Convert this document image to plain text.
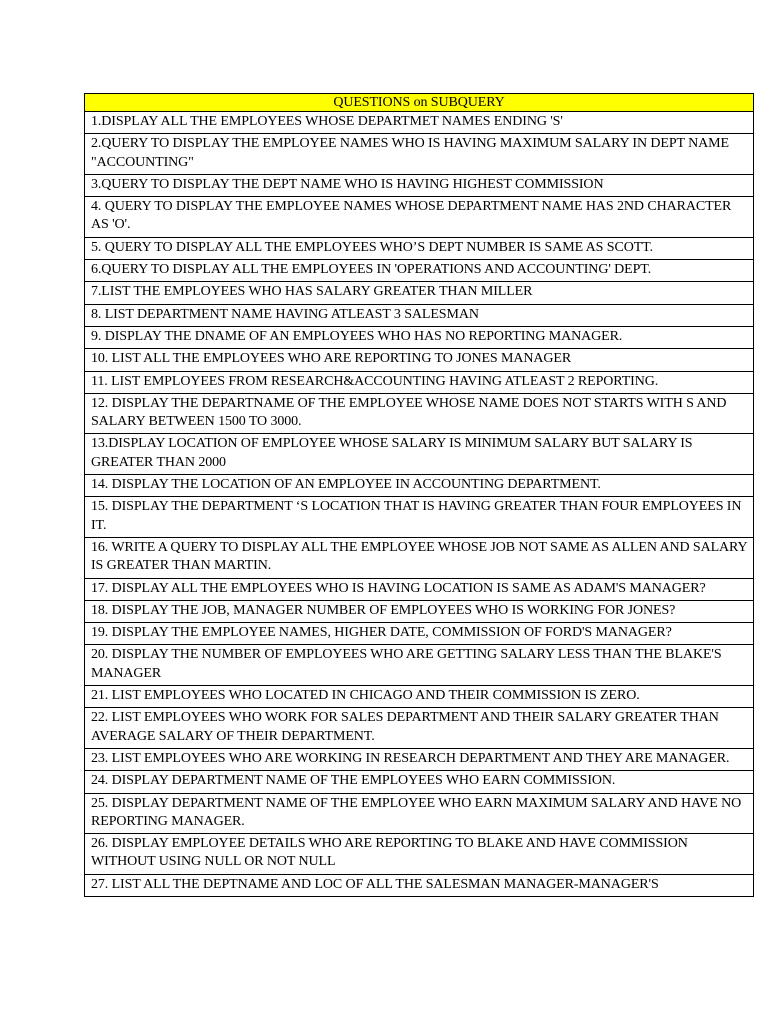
QUESTIONS on SUBQUERY
1.DISPLAY ALL THE EMPLOYEES WHOSE DEPARTMET NAMES ENDING 'S'
2.QUERY TO DISPLAY THE EMPLOYEE NAMES WHO IS HAVING MAXIMUM SALARY IN DEPT NAME "ACCOUNTING"
3.QUERY TO DISPLAY THE DEPT NAME WHO IS HAVING HIGHEST COMMISSION
4. QUERY TO DISPLAY THE EMPLOYEE NAMES WHOSE DEPARTMENT NAME HAS 2ND CHARACTER AS 'O'.
5. QUERY TO DISPLAY ALL THE EMPLOYEES WHO’S DEPT NUMBER IS SAME AS SCOTT.
6.QUERY TO DISPLAY ALL THE EMPLOYEES IN 'OPERATIONS AND ACCOUNTING' DEPT.
7.LIST THE EMPLOYEES WHO HAS SALARY GREATER THAN MILLER
8. LIST DEPARTMENT NAME HAVING ATLEAST 3 SALESMAN
9. DISPLAY THE DNAME OF AN EMPLOYEES WHO HAS NO REPORTING MANAGER.
10. LIST ALL THE EMPLOYEES WHO ARE REPORTING TO JONES MANAGER
11. LIST EMPLOYEES FROM RESEARCH&ACCOUNTING HAVING ATLEAST 2 REPORTING.
12. DISPLAY THE DEPARTNAME OF THE EMPLOYEE WHOSE NAME DOES NOT STARTS WITH S AND SALARY BETWEEN 1500 TO 3000.
13.DISPLAY LOCATION OF EMPLOYEE WHOSE SALARY IS MINIMUM SALARY BUT SALARY IS GREATER THAN 2000
14. DISPLAY THE LOCATION OF AN EMPLOYEE IN ACCOUNTING DEPARTMENT.
15. DISPLAY THE DEPARTMENT ‘S LOCATION THAT IS HAVING GREATER THAN FOUR EMPLOYEES IN IT.
16. WRITE A QUERY TO DISPLAY ALL THE EMPLOYEE WHOSE JOB NOT SAME AS ALLEN AND SALARY IS GREATER THAN MARTIN.
17. DISPLAY ALL THE EMPLOYEES WHO IS HAVING LOCATION IS SAME AS ADAM'S MANAGER?
18. DISPLAY THE JOB, MANAGER NUMBER OF EMPLOYEES WHO IS WORKING FOR JONES?
19. DISPLAY THE EMPLOYEE NAMES, HIGHER DATE, COMMISSION OF FORD'S MANAGER?
20. DISPLAY THE NUMBER OF EMPLOYEES WHO ARE GETTING SALARY LESS THAN THE BLAKE'S MANAGER
21. LIST EMPLOYEES WHO LOCATED IN CHICAGO AND THEIR COMMISSION IS ZERO.
22. LIST EMPLOYEES WHO WORK FOR SALES DEPARTMENT AND THEIR SALARY GREATER THAN AVERAGE SALARY OF THEIR DEPARTMENT.
23. LIST EMPLOYEES WHO ARE WORKING IN RESEARCH DEPARTMENT AND THEY ARE MANAGER.
24. DISPLAY DEPARTMENT NAME OF THE EMPLOYEES WHO EARN COMMISSION.
25. DISPLAY DEPARTMENT NAME OF THE EMPLOYEE WHO EARN MAXIMUM SALARY AND HAVE NO REPORTING MANAGER.
26. DISPLAY EMPLOYEE DETAILS WHO ARE REPORTING TO BLAKE AND HAVE COMMISSION WITHOUT USING NULL OR NOT NULL
27. LIST ALL THE DEPTNAME AND LOC OF ALL THE SALESMAN MANAGER-MANAGER'S
